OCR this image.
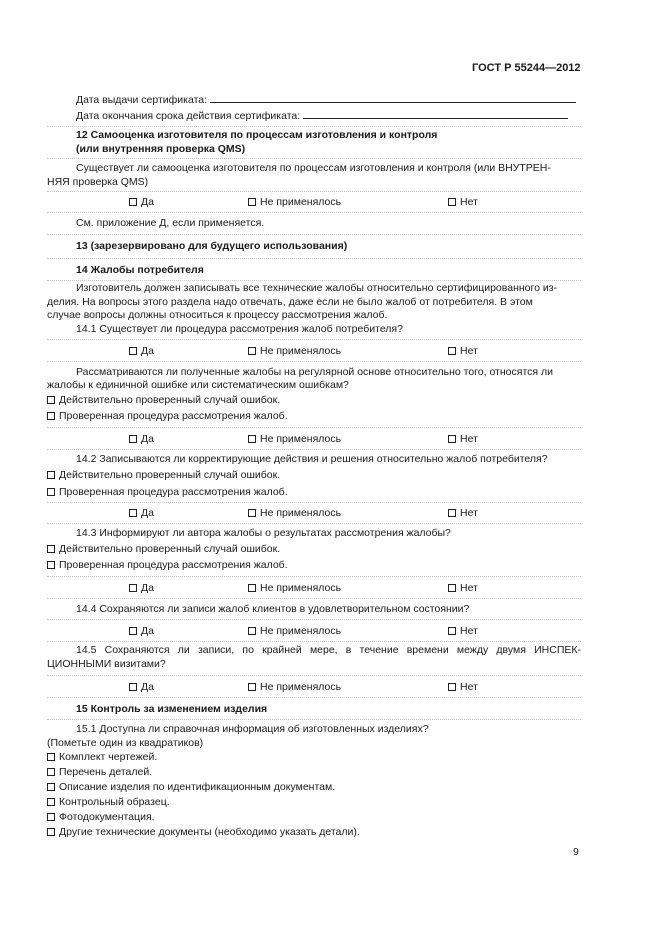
ГОСТ Р 55244—2012
Дата выдачи сертификата:
Дата окончания срока действия сертификата:
12 Самооценка изготовителя по процессам изготовления и контроля
(или внутренняя проверка QMS)
Существует ли самооценка изготовителя по процессам изготовления и контроля (или ВНУТРЕН-
НЯЯ проверка QMS)
Да	Не применялось	Нет
См. приложение Д, если применяется.
13 (зарезервировано для будущего использования)
14 Жалобы потребителя
Изготовитель должен записывать все технические жалобы относительно сертифицированного из-
делия. На вопросы этого раздела надо отвечать, даже если не было жалоб от потребителя. В этом
случае вопросы должны относиться к процессу рассмотрения жалоб.
14.1 Существует ли процедура рассмотрения жалоб потребителя?
Да	Не применялось	Нет
Рассматриваются ли полученные жалобы на регулярной основе относительно того, относятся ли
жалобы к единичной ошибке или систематическим ошибкам?
Действительно проверенный случай ошибок.
Проверенная процедура рассмотрения жалоб.
Да	Не применялось	Нет
14.2 Записываются ли корректирующие действия и решения относительно жалоб потребителя?
Действительно проверенный случай ошибок.
Проверенная процедура рассмотрения жалоб.
Да	Не применялось	Нет
14.3 Информируют ли автора жалобы о результатах рассмотрения жалобы?
Действительно проверенный случай ошибок.
Проверенная процедура рассмотрения жалоб.
Да	Не применялось	Нет
14.4 Сохраняются ли записи жалоб клиентов в удовлетворительном состоянии?
Да	Не применялось	Нет
14.5 Сохраняются ли записи, по крайней мере, в течение времени между двумя ИНСПЕК-
ЦИОННЫМИ визитами?
Да	Не применялось	Нет
15 Контроль за изменением изделия
15.1 Доступна ли справочная информация об изготовленных изделиях?
(Пометьте один из квадратиков)
Комплект чертежей.
Перечень деталей.
Описание изделия по идентификационным документам.
Контрольный образец.
Фотодокументация.
Другие технические документы (необходимо указать детали).
9
